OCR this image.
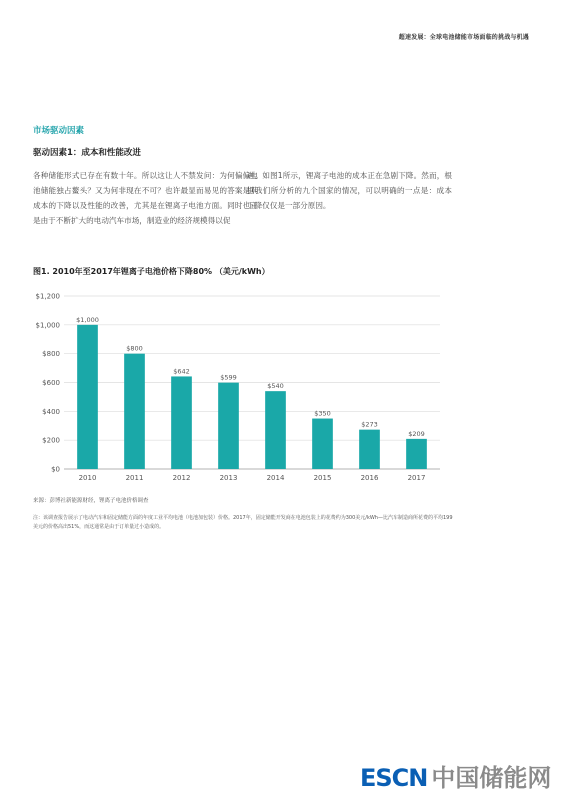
超速发展：全球电池储能市场面临的挑战与机遇
市场驱动因素
驱动因素1：成本和性能改进
各种储能形式已存在有数十年。所以这让人不禁发问：为何偏偏电池储能独占鳌头？又为何非现在不可？也许最显而易见的答案是其成本的下降以及性能的改善，尤其是在锂离子电池方面。同时也正是由于不断扩大的电动汽车市场，制造业的经济规模得以促
进。如图1所示，锂离子电池的成本正在急剧下降。然而，根据我们所分析的九个国家的情况，可以明确的一点是：成本下降仅仅是一部分原因。
图1. 2010年至2017年锂离子电池价格下降80% （美元/kWh）
$0
$200
$400
$600
$800
$1,000
$1,200
$1,000
2010
$800
2011
$642
2012
$599
2013
$540
2014
$350
2015
$273
2016
$209
2017
来源：彭博社新能源财经，锂离子电池价格调查
注：该调查报告展示了电动汽车和固定储能方面的年度工业平均电池（电池加包装）价格。2017年，固定储能开发商在电池包装上的花费约为300美元/kWh—比汽车制造商所花费的平均199美元的价格高出51%，而这通常是由于订单量过小造成的。
ESCN 中国储能网
